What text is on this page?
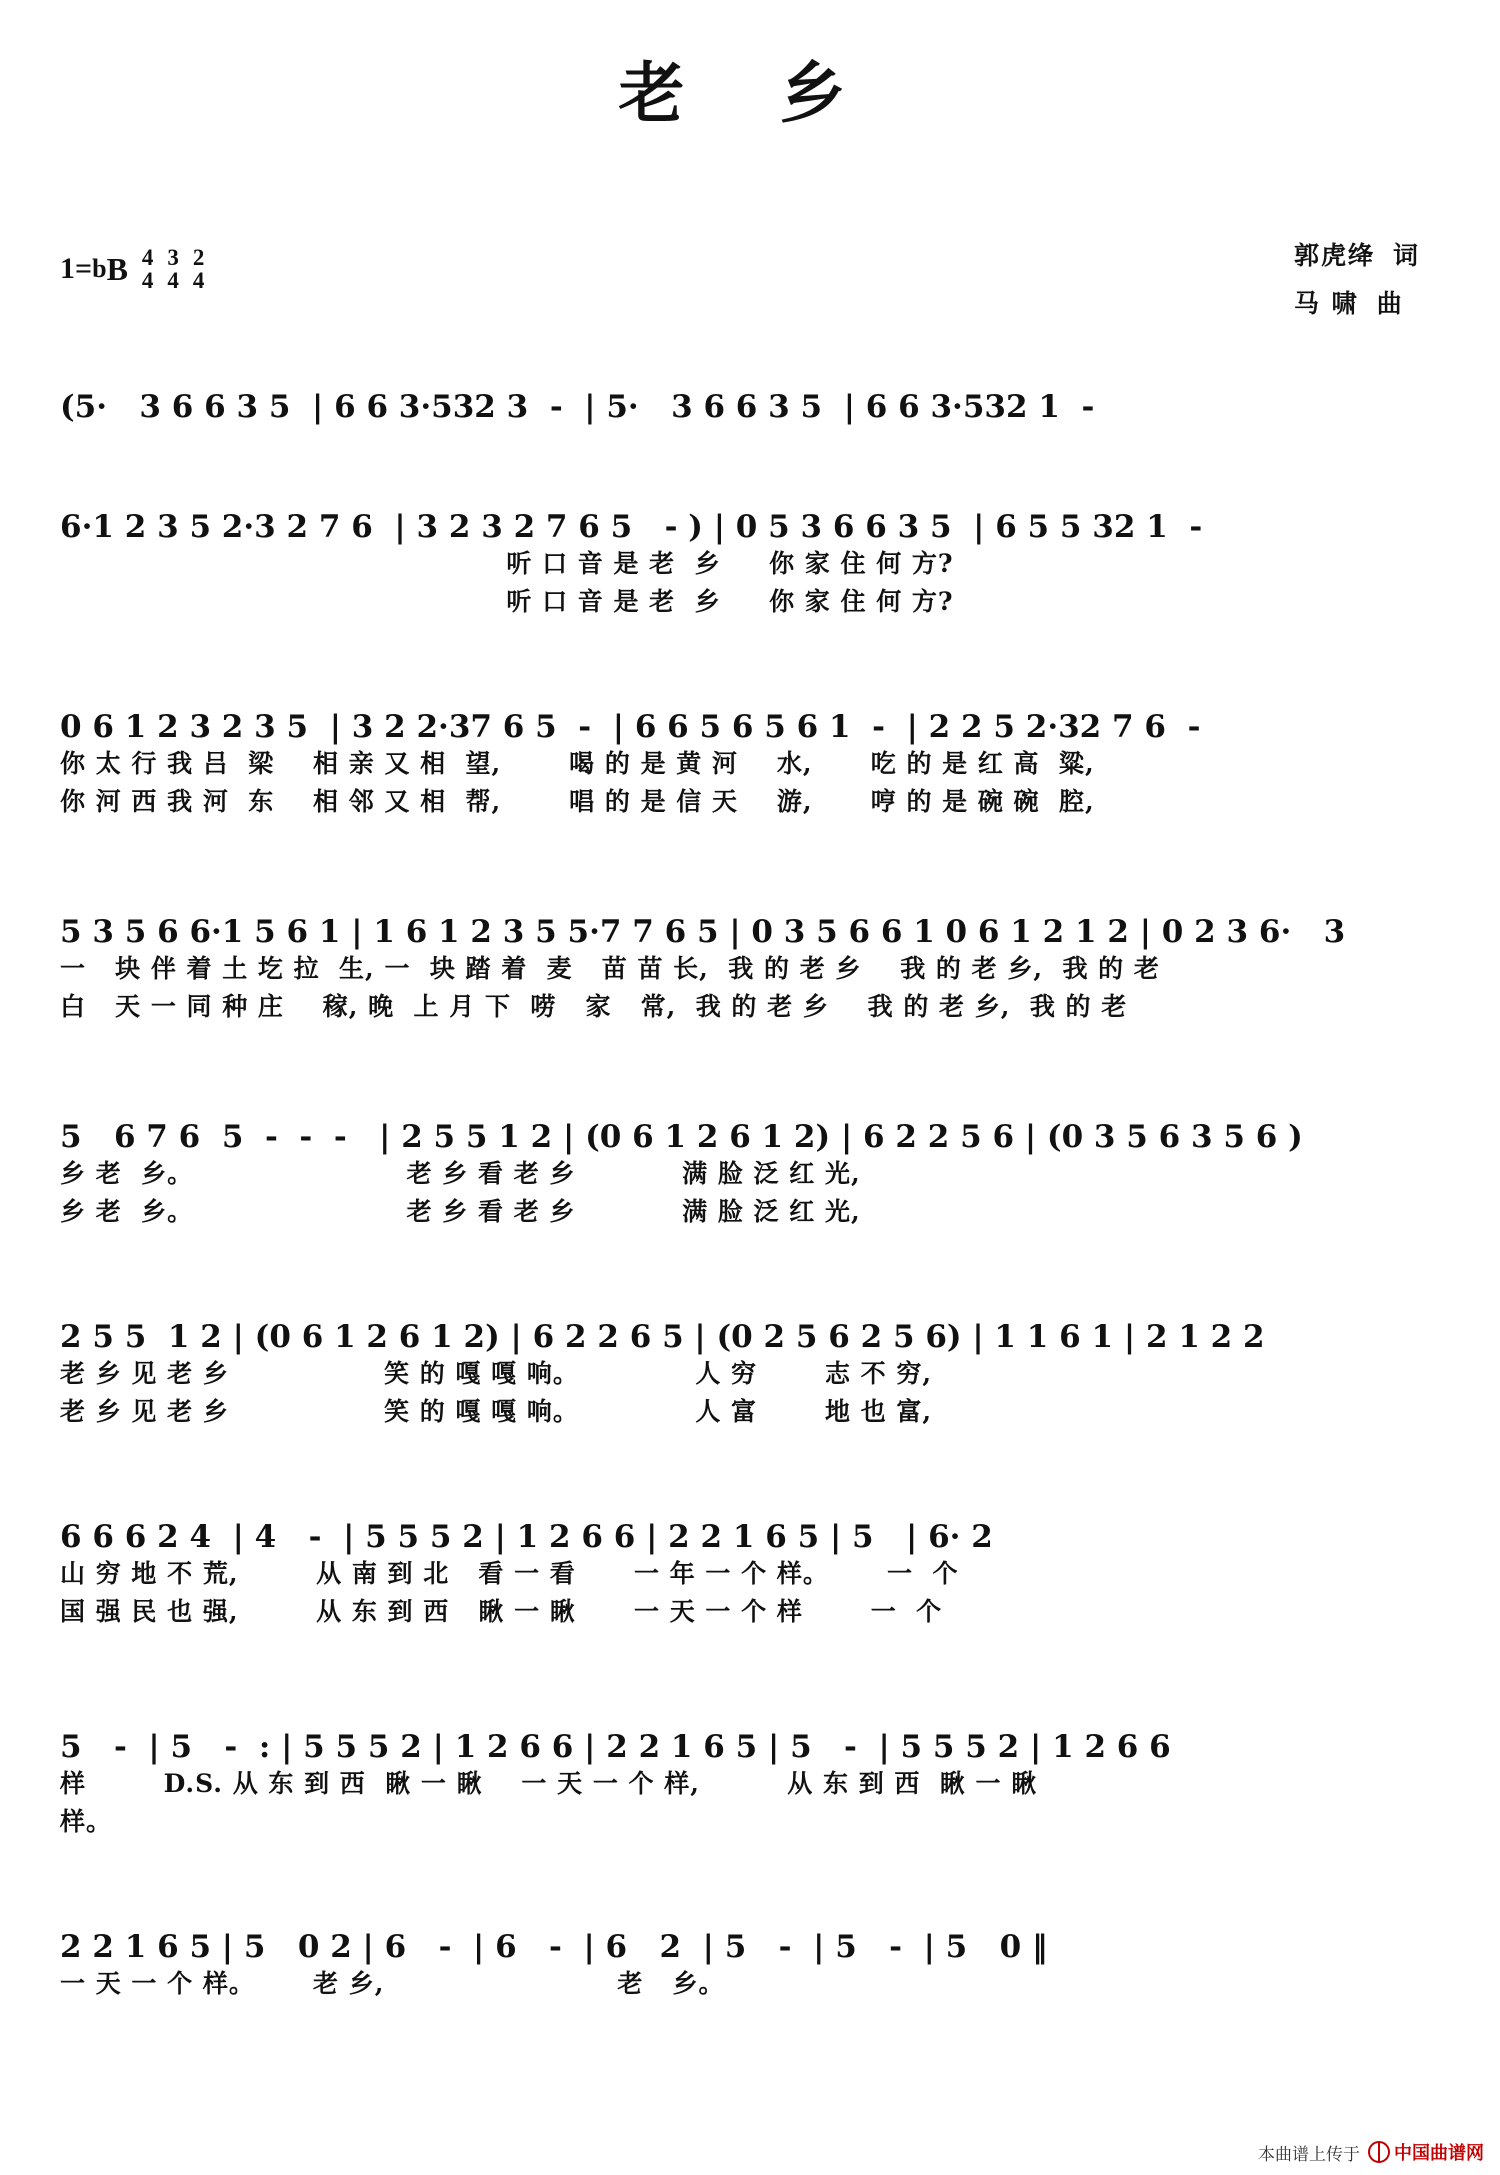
老 乡
1= b B 4
4
3
4
2
4
郭虎绛 词
马 啸 曲
(5·   3 6 6 3 5  | 6 6 3·532 3  -  | 5·   3 6 6 3 5  | 6 6 3·532 1  -
6·1 2 3 5 2·3 2 7 6  | 3 2 3 2 7 6 5   - ) | 0 5 3 6 6 3 5  | 6 5 5 32 1  -
听 口 音 是 老  乡     你 家 住 何 方?
听 口 音 是 老  乡     你 家 住 何 方?
0 6 1 2 3 2 3 5  | 3 2 2·37 6 5  -  | 6 6 5 6 5 6 1  -  | 2 2 5 2·32 7 6  -
你 太 行 我 吕  梁    相 亲 又 相  望,       喝 的 是 黄 河    水,      吃 的 是 红 高  粱,
你 河 西 我 河  东    相 邻 又 相  帮,       唱 的 是 信 天    游,      哼 的 是 碗 碗  腔,
5 3 5 6 6·1 5 6 1 | 1 6 1 2 3 5 5·7 7 6 5 | 0 3 5 6 6 1 0 6 1 2 1 2 | 0 2 3 6·   3
一   块 伴 着 土 圪 拉  生, 一  块 踏 着  麦   苗 苗 长,  我 的 老 乡    我 的 老 乡,  我 的 老
白   天 一 同 种 庄    稼, 晚  上 月 下  唠   家   常,  我 的 老 乡    我 的 老 乡,  我 的 老
5   6 7 6  5  -  -  -   | 2 5 5 1 2 | (0 6 1 2 6 1 2) | 6 2 2 5 6 | (0 3 5 6 3 5 6 )
乡 老  乡。                      老 乡 看 老 乡           满 脸 泛 红 光,
乡 老  乡。                      老 乡 看 老 乡           满 脸 泛 红 光,
2 5 5  1 2 | (0 6 1 2 6 1 2) | 6 2 2 6 5 | (0 2 5 6 2 5 6) | 1 1 6 1 | 2 1 2 2
老 乡 见 老 乡                笑 的 嘎 嘎 响。            人 穷       志 不 穷,
老 乡 见 老 乡                笑 的 嘎 嘎 响。            人 富       地 也 富,
6 6 6 2 4  | 4   -  | 5 5 5 2 | 1 2 6 6 | 2 2 1 6 5 | 5   | 6· 2
山 穷 地 不 荒,        从 南 到 北   看 一 看      一 年 一 个 样。      一  个
国 强 民 也 强,        从 东 到 西   瞅 一 瞅      一 天 一 个 样       一  个
5   -  | 5   -  : | 5 5 5 2 | 1 2 6 6 | 2 2 1 6 5 | 5   -  | 5 5 5 2 | 1 2 6 6
样        D.S. 从 东 到 西  瞅 一 瞅    一 天 一 个 样,         从 东 到 西  瞅 一 瞅
样。
2 2 1 6 5 | 5   0 2 | 6   -  | 6   -  | 6   2  | 5   -  | 5   -  | 5   0 ‖
一 天 一 个 样。      老 乡,                        老   乡。
本曲谱上传于 中国曲谱网
